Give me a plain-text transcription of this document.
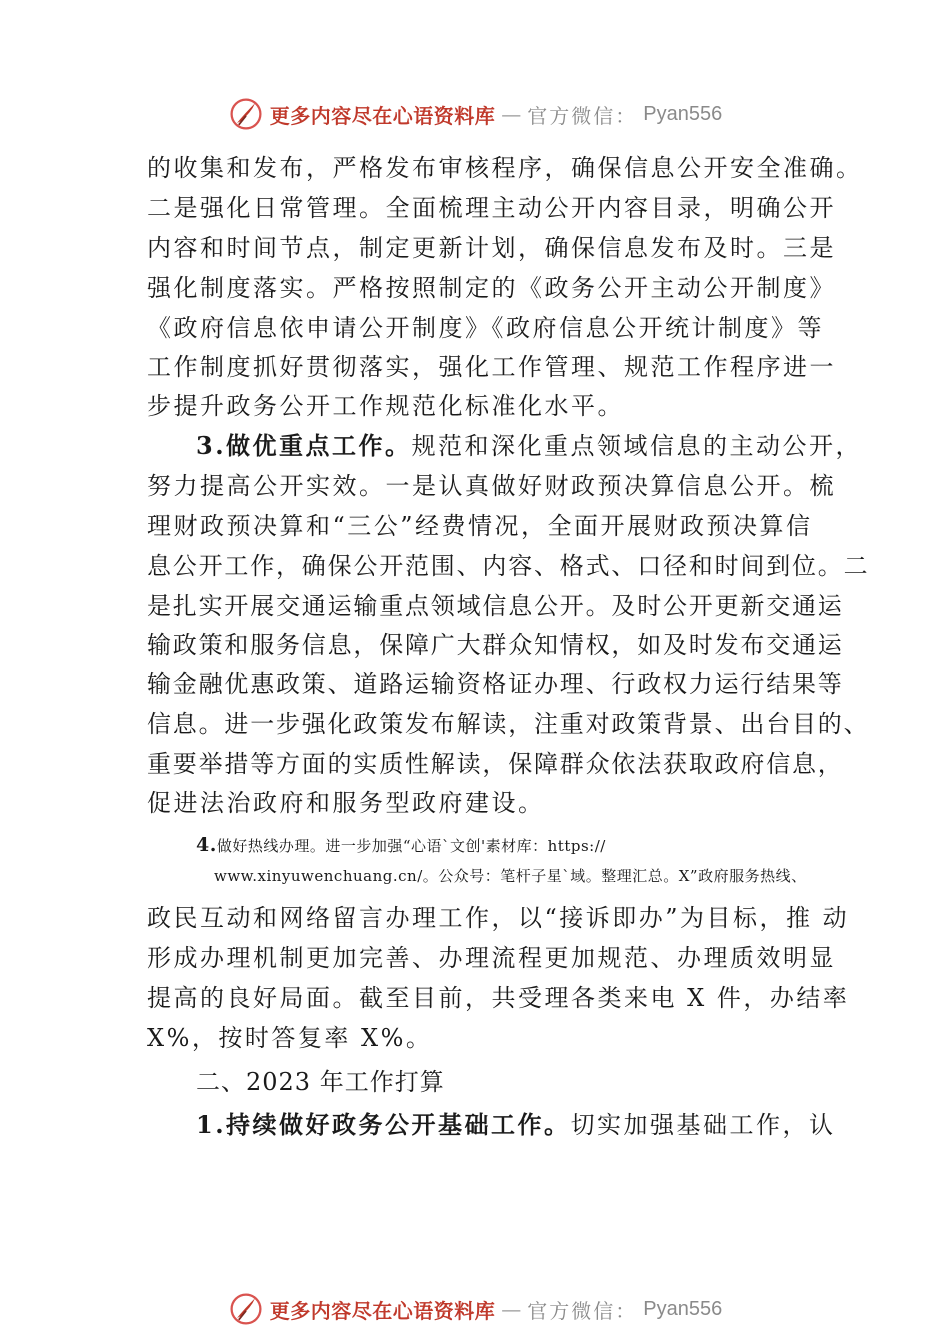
更多内容尽在心语资料库 — 官方微信： Pyan556
的收集和发布，严格发布审核程序，确保信息公开安全准确。
二是强化日常管理。全面梳理主动公开内容目录，明确公开
内容和时间节点，制定更新计划，确保信息发布及时。三是
强化制度落实。严格按照制定的《政务公开主动公开制度》
《政府信息依申请公开制度》《政府信息公开统计制度》等
工作制度抓好贯彻落实，强化工作管理、规范工作程序进一
步提升政务公开工作规范化标准化水平。
3.做优重点工作。规范和深化重点领域信息的主动公开，
努力提高公开实效。一是认真做好财政预决算信息公开。梳
理财政预决算和“三公”经费情况，全面开展财政预决算信
息公开工作，确保公开范围、内容、格式、口径和时间到位。二
是扎实开展交通运输重点领域信息公开。及时公开更新交通运
输政策和服务信息，保障广大群众知情权，如及时发布交通运
输金融优惠政策、道路运输资格证办理、行政权力运行结果等
信息。进一步强化政策发布解读，注重对政策背景、出台目的、
重要举措等方面的实质性解读，保障群众依法获取政府信息，
促进法治政府和服务型政府建设。
4.做好热线办理。进一步加强“心语`文创'素材库：https://
www.xinyuwenchuang.cn/。公众号：笔杆子星`域。整理汇总。X”政府服务热线、
政民互动和网络留言办理工作，以“接诉即办”为目标，推 动
形成办理机制更加完善、办理流程更加规范、办理质效明显
提高的良好局面。截至目前，共受理各类来电 X 件，办结率
X%，按时答复率 X%。
二、2023 年工作打算
1.持续做好政务公开基础工作。切实加强基础工作，认
更多内容尽在心语资料库 — 官方微信： Pyan556
